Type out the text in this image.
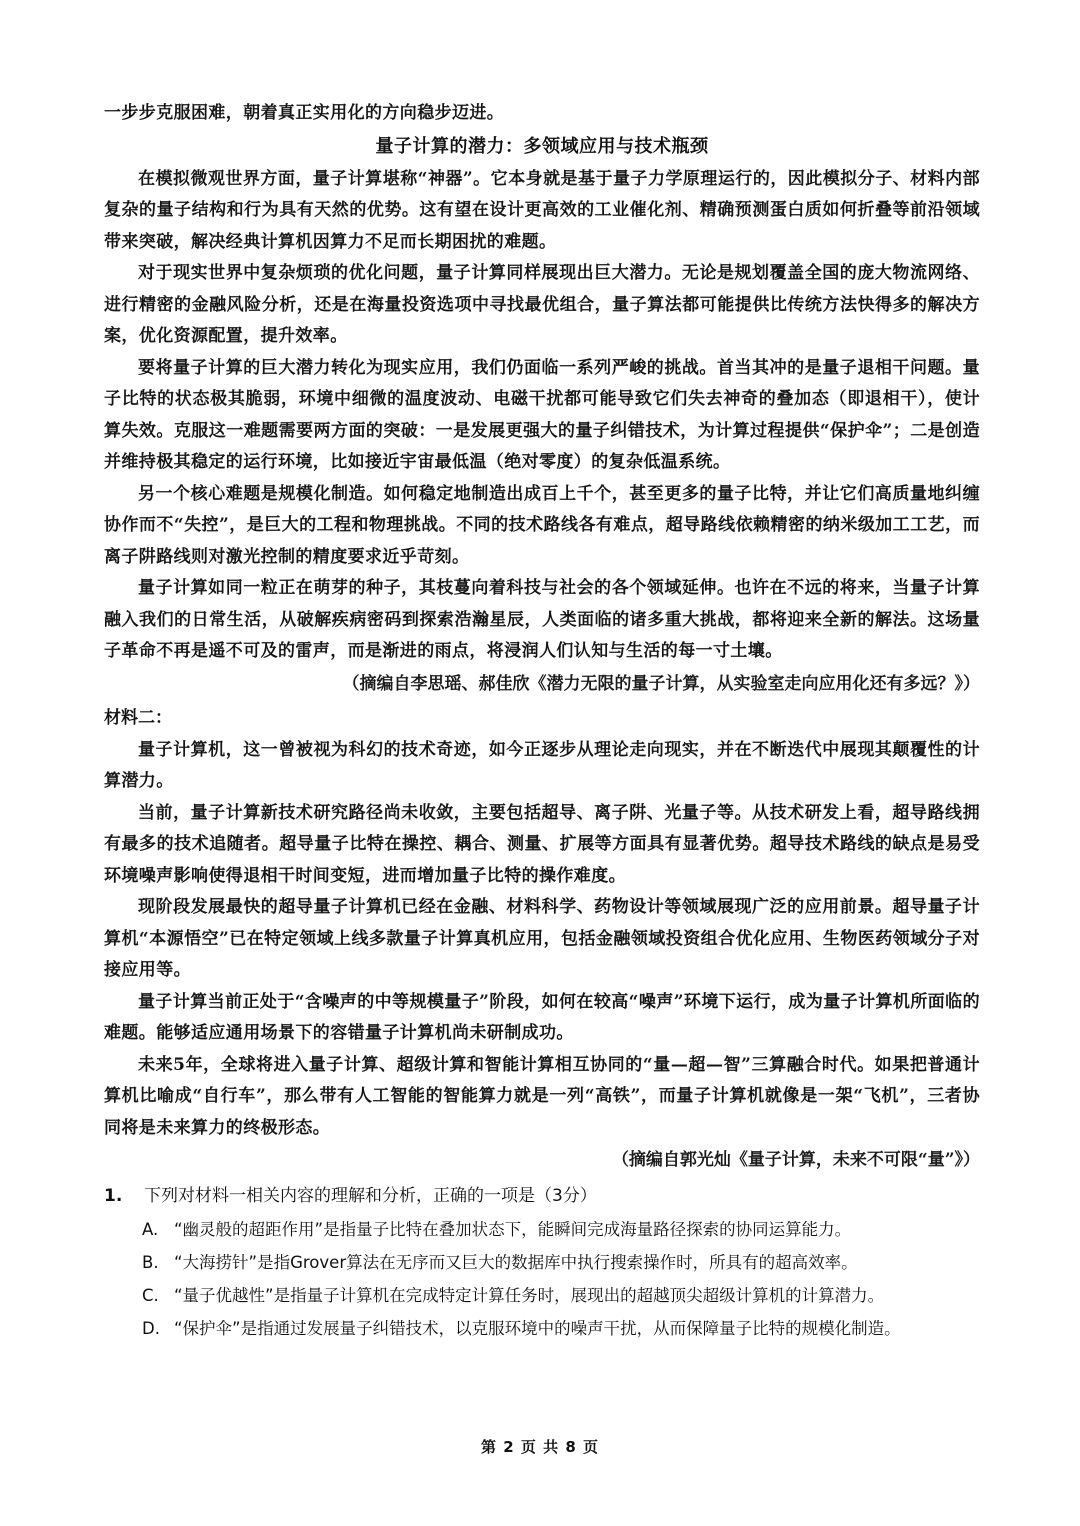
一步步克服困难，朝着真正实用化的方向稳步迈进。

量子计算的潜力：多领域应用与技术瓶颈

在模拟微观世界方面，量子计算堪称“神器”。它本身就是基于量子力学原理运行的，因此模拟分子、材料内部复杂的量子结构和行为具有天然的优势。这有望在设计更高效的工业催化剂、精确预测蛋白质如何折叠等前沿领域带来突破，解决经典计算机因算力不足而长期困扰的难题。

对于现实世界中复杂烦琐的优化问题，量子计算同样展现出巨大潜力。无论是规划覆盖全国的庞大物流网络、进行精密的金融风险分析，还是在海量投资选项中寻找最优组合，量子算法都可能提供比传统方法快得多的解决方案，优化资源配置，提升效率。

要将量子计算的巨大潜力转化为现实应用，我们仍面临一系列严峻的挑战。首当其冲的是量子退相干问题。量子比特的状态极其脆弱，环境中细微的温度波动、电磁干扰都可能导致它们失去神奇的叠加态（即退相干），使计算失效。克服这一难题需要两方面的突破：一是发展更强大的量子纠错技术，为计算过程提供“保护伞”；二是创造并维持极其稳定的运行环境，比如接近宇宙最低温（绝对零度）的复杂低温系统。

另一个核心难题是规模化制造。如何稳定地制造出成百上千个，甚至更多的量子比特，并让它们高质量地纠缠协作而不“失控”，是巨大的工程和物理挑战。不同的技术路线各有难点，超导路线依赖精密的纳米级加工工艺，而离子阱路线则对激光控制的精度要求近乎苛刻。

量子计算如同一粒正在萌芽的种子，其枝蔓向着科技与社会的各个领域延伸。也许在不远的将来，当量子计算融入我们的日常生活，从破解疾病密码到探索浩瀚星辰，人类面临的诸多重大挑战，都将迎来全新的解法。这场量子革命不再是遥不可及的雷声，而是渐进的雨点，将浸润人们认知与生活的每一寸土壤。

（摘编自李思瑶、郝佳欣《潜力无限的量子计算，从实验室走向应用化还有多远？》）

材料二：

量子计算机，这一曾被视为科幻的技术奇迹，如今正逐步从理论走向现实，并在不断迭代中展现其颠覆性的计算潜力。

当前，量子计算新技术研究路径尚未收敛，主要包括超导、离子阱、光量子等。从技术研发上看，超导路线拥有最多的技术追随者。超导量子比特在操控、耦合、测量、扩展等方面具有显著优势。超导技术路线的缺点是易受环境噪声影响使得退相干时间变短，进而增加量子比特的操作难度。

现阶段发展最快的超导量子计算机已经在金融、材料科学、药物设计等领域展现广泛的应用前景。超导量子计算机“本源悟空”已在特定领域上线多款量子计算真机应用，包括金融领域投资组合优化应用、生物医药领域分子对接应用等。

量子计算当前正处于“含噪声的中等规模量子”阶段，如何在较高“噪声”环境下运行，成为量子计算机所面临的难题。能够适应通用场景下的容错量子计算机尚未研制成功。

未来5年，全球将进入量子计算、超级计算和智能计算相互协同的“量—超—智”三算融合时代。如果把普通计算机比喻成“自行车”，那么带有人工智能的智能算力就是一列“高铁”，而量子计算机就像是一架“飞机”，三者协同将是未来算力的终极形态。

（摘编自郭光灿《量子计算，未来不可限“量”》）

1.	下列对材料一相关内容的理解和分析，正确的一项是（3分）
A. “幽灵般的超距作用”是指量子比特在叠加状态下，能瞬间完成海量路径探索的协同运算能力。
B. “大海捞针”是指Grover算法在无序而又巨大的数据库中执行搜索操作时，所具有的超高效率。
C. “量子优越性”是指量子计算机在完成特定计算任务时，展现出的超越顶尖超级计算机的计算潜力。
D. “保护伞”是指通过发展量子纠错技术，以克服环境中的噪声干扰，从而保障量子比特的规模化制造。
第 2 页 共 8 页
